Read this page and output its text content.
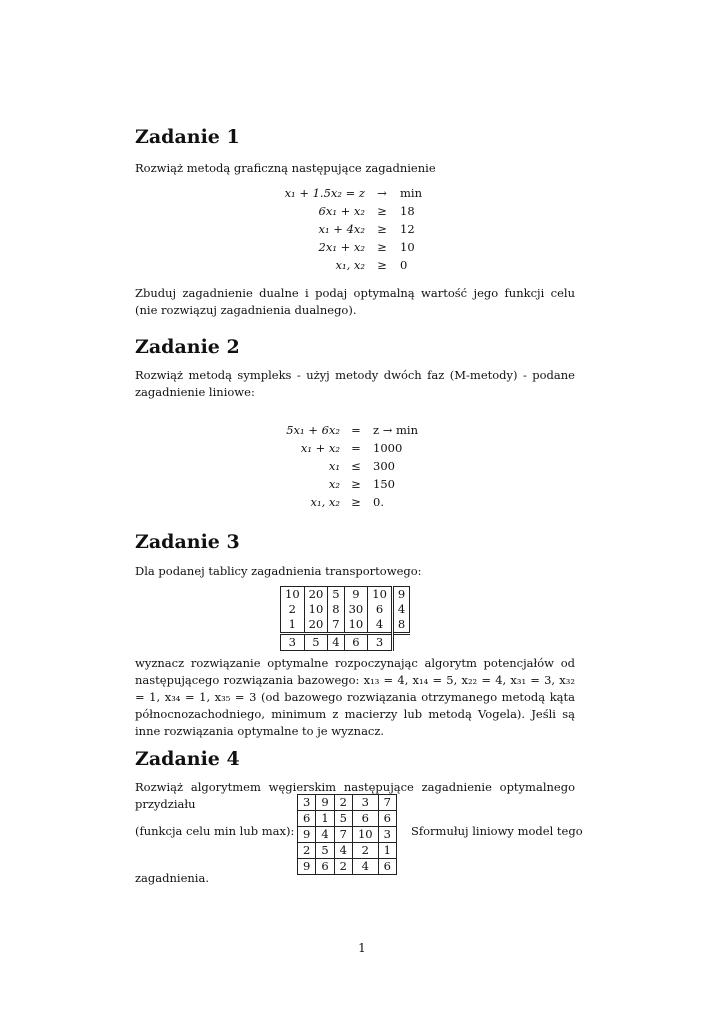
Zadanie 1
Rozwiąż metodą graficzną następujące zagadnienie
x₁ + 1.5x₂ = z	→	min
6x₁ + x₂	≥	18
x₁ + 4x₂	≥	12
2x₁ + x₂	≥	10
x₁, x₂	≥	0
Zbuduj zagadnienie dualne i podaj optymalną wartość jego funkcji celu (nie rozwiązuj zagadnienia dualnego).
Zadanie 2
Rozwiąż metodą sympleks - użyj metody dwóch faz (M-metody) - podane zagadnienie liniowe:
5x₁ + 6x₂ =	z → min
x₁ + x₂ =	1000
x₁ ≤	300
x₂ ≥	150
x₁, x₂ ≥	0.
Zadanie 3
Dla podanej tablicy zagadnienia transportowego:
10	20	5	9	10	9
2	10	8	30	6	4
1	20	7	10	4	8
3	5	4	6	3	
wyznacz rozwiązanie optymalne rozpoczynając algorytm potencjałów od następującego rozwiązania bazowego: x₁₃ = 4, x₁₄ = 5, x₂₂ = 4, x₃₁ = 3, x₃₂ = 1, x₃₄ = 1, x₃₅ = 3 (od bazowego rozwiązania otrzymanego metodą kąta północnozachodniego, minimum z macierzy lub metodą Vogela). Jeśli są inne rozwiązania optymalne to je wyznacz.
Zadanie 4
Rozwiąż algorytmem węgierskim następujące zagadnienie optymalnego przydziału
(funkcja celu min lub max):
3	9	2	3	7
6	1	5	6	6
9	4	7	10	3
2	5	4	2	1
9	6	2	4	6
Sformułuj liniowy model tego
zagadnienia.
1
